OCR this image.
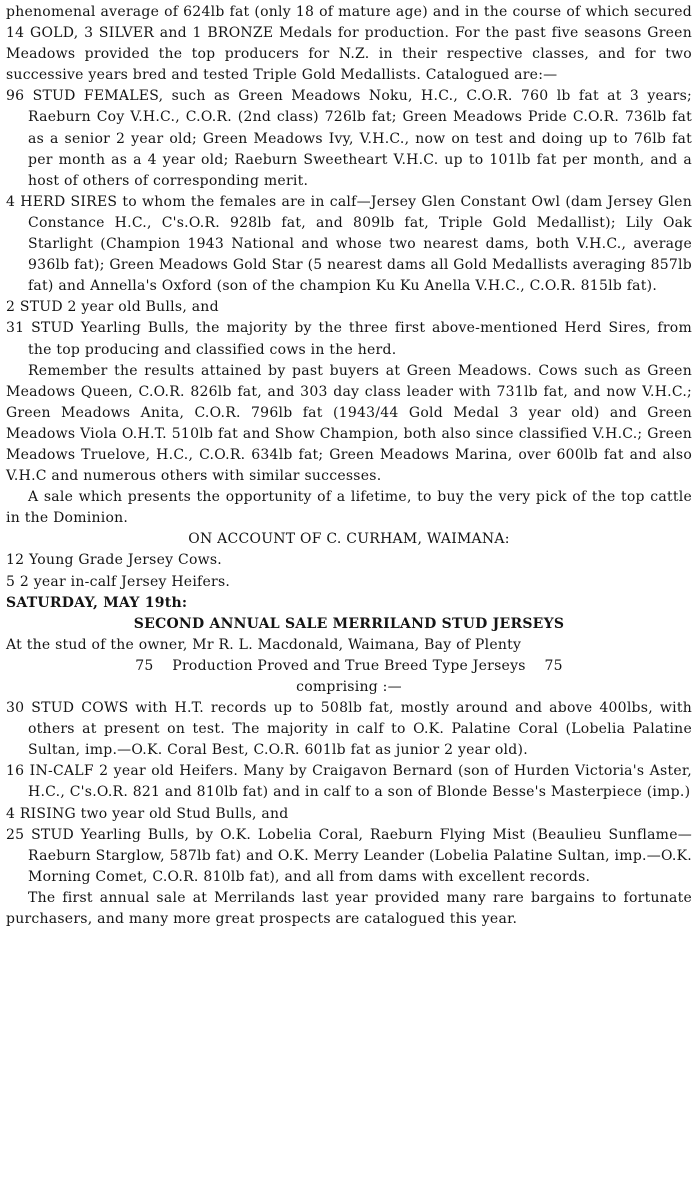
phenomenal average of 624lb fat (only 18 of mature age) and in the course of which secured 14 GOLD, 3 SILVER and 1 BRONZE Medals for production. For the past five seasons Green Meadows provided the top producers for N.Z. in their respective classes, and for two successive years bred and tested Triple Gold Medallists. Catalogued are:—

96 STUD FEMALES, such as Green Meadows Noku, H.C., C.O.R. 760 lb fat at 3 years; Raeburn Coy V.H.C., C.O.R. (2nd class) 726lb fat; Green Meadows Pride C.O.R. 736lb fat as a senior 2 year old; Green Meadows Ivy, V.H.C., now on test and doing up to 76lb fat per month as a 4 year old; Raeburn Sweetheart V.H.C. up to 101lb fat per month, and a host of others of corresponding merit.

4 HERD SIRES to whom the females are in calf—Jersey Glen Constant Owl (dam Jersey Glen Constance H.C., C's.O.R. 928lb fat, and 809lb fat, Triple Gold Medallist); Lily Oak Starlight (Champion 1943 National and whose two nearest dams, both V.H.C., average 936lb fat); Green Meadows Gold Star (5 nearest dams all Gold Medallists averaging 857lb fat) and Annella's Oxford (son of the champion Ku Ku Anella V.H.C., C.O.R. 815lb fat).

2 STUD 2 year old Bulls, and

31 STUD Yearling Bulls, the majority by the three first above-mentioned Herd Sires, from the top producing and classified cows in the herd.

Remember the results attained by past buyers at Green Meadows. Cows such as Green Meadows Queen, C.O.R. 826lb fat, and 303 day class leader with 731lb fat, and now V.H.C.; Green Meadows Anita, C.O.R. 796lb fat (1943/44 Gold Medal 3 year old) and Green Meadows Viola O.H.T. 510lb fat and Show Champion, both also since classified V.H.C.; Green Meadows Truelove, H.C., C.O.R. 634lb fat; Green Meadows Marina, over 600lb fat and also V.H.C and numerous others with similar successes.

A sale which presents the opportunity of a lifetime, to buy the very pick of the top cattle in the Dominion.

ON ACCOUNT OF C. CURHAM, WAIMANA:

12 Young Grade Jersey Cows.

5 2 year in-calf Jersey Heifers.

SATURDAY, MAY 19th:

SECOND ANNUAL SALE MERRILAND STUD JERSEYS

At the stud of the owner, Mr R. L. Macdonald, Waimana, Bay of Plenty

75    Production Proved and True Breed Type Jerseys    75

comprising :—

30 STUD COWS with H.T. records up to 508lb fat, mostly around and above 400lbs, with others at present on test. The majority in calf to O.K. Palatine Coral (Lobelia Palatine Sultan, imp.—O.K. Coral Best, C.O.R. 601lb fat as junior 2 year old).

16 IN-CALF 2 year old Heifers. Many by Craigavon Bernard (son of Hurden Victoria's Aster, H.C., C's.O.R. 821 and 810lb fat) and in calf to a son of Blonde Besse's Masterpiece (imp.)

4 RISING two year old Stud Bulls, and

25 STUD Yearling Bulls, by O.K. Lobelia Coral, Raeburn Flying Mist (Beaulieu Sunflame—Raeburn Starglow, 587lb fat) and O.K. Merry Leander (Lobelia Palatine Sultan, imp.—O.K. Morning Comet, C.O.R. 810lb fat), and all from dams with excellent records.

The first annual sale at Merrilands last year provided many rare bargains to fortunate purchasers, and many more great prospects are catalogued this year.
